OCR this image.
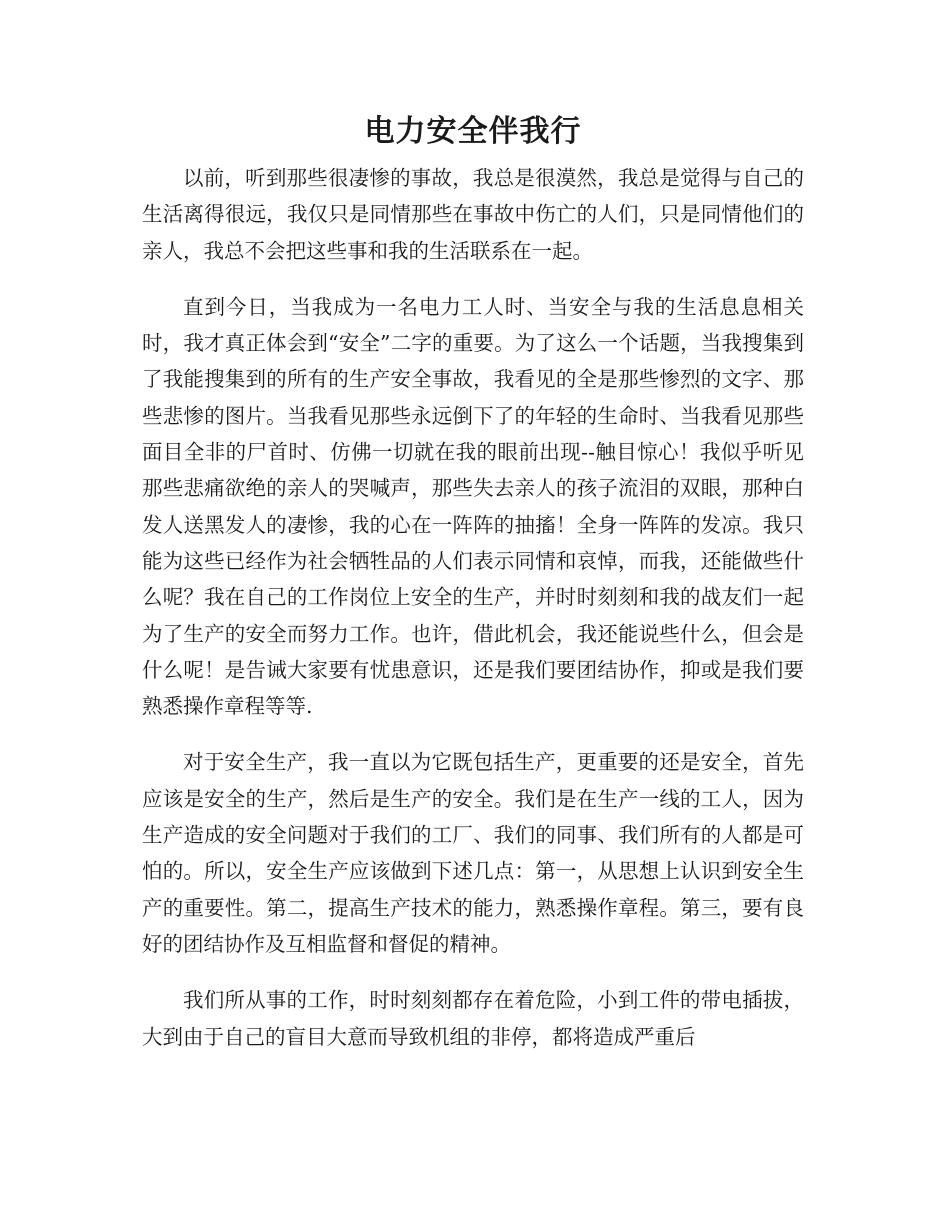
电力安全伴我行

以前，听到那些很凄惨的事故，我总是很漠然，我总是觉得与自己的生活离得很远，我仅只是同情那些在事故中伤亡的人们，只是同情他们的亲人，我总不会把这些事和我的生活联系在一起。

直到今日，当我成为一名电力工人时、当安全与我的生活息息相关时，我才真正体会到“安全”二字的重要。为了这么一个话题，当我搜集到了我能搜集到的所有的生产安全事故，我看见的全是那些惨烈的文字、那些悲惨的图片。当我看见那些永远倒下了的年轻的生命时、当我看见那些面目全非的尸首时、仿佛一切就在我的眼前出现--触目惊心！我似乎听见那些悲痛欲绝的亲人的哭喊声，那些失去亲人的孩子流泪的双眼，那种白发人送黑发人的凄惨，我的心在一阵阵的抽搐！全身一阵阵的发凉。我只能为这些已经作为社会牺牲品的人们表示同情和哀悼，而我，还能做些什么呢？我在自己的工作岗位上安全的生产，并时时刻刻和我的战友们一起为了生产的安全而努力工作。也许，借此机会，我还能说些什么，但会是什么呢！是告诫大家要有忧患意识，还是我们要团结协作，抑或是我们要熟悉操作章程等等.

对于安全生产，我一直以为它既包括生产，更重要的还是安全，首先应该是安全的生产，然后是生产的安全。我们是在生产一线的工人，因为生产造成的安全问题对于我们的工厂、我们的同事、我们所有的人都是可怕的。所以，安全生产应该做到下述几点：第一，从思想上认识到安全生产的重要性。第二，提高生产技术的能力，熟悉操作章程。第三，要有良好的团结协作及互相监督和督促的精神。

我们所从事的工作，时时刻刻都存在着危险，小到工件的带电插拔，大到由于自己的盲目大意而导致机组的非停，都将造成严重后
